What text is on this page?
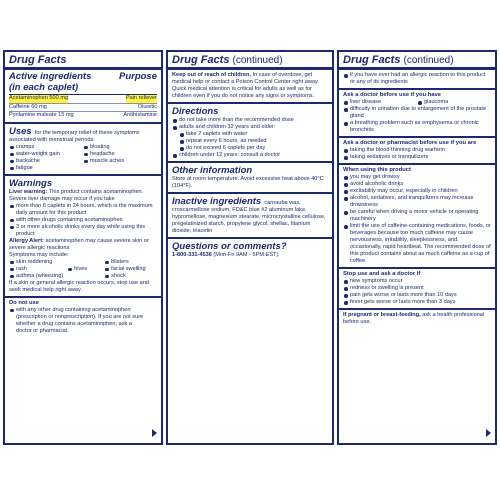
Drug Facts
Active ingredients	Purpose
(in each caplet)
Acetaminophen 500 mg	Pain reliever
Caffeine 60 mg	Diuretic
Pyrilamine maleate 15 mg	Antihistamine

Uses for the temporary relief of these symptoms associated with menstrual periods:

cramps	bloating
water-weight gain	headache
backache	muscle aches
fatigue
Warnings

Liver warning: This product contains acetaminophen. Severe liver damage may occur if you take

more than 6 caplets in 24 hours, which is the maximum daily amount for this product
with other drugs containing acetaminophen
3 or more alcoholic drinks every day while using this product

Allergy Alert: acetaminophen may cause severe skin or severe allergic reactions

Symptoms may include:

skin reddening	blisters
rash	hives	facial swelling
asthma (wheezing)	shock

If a skin or general allergic reaction occurs, stop use and seek medical help right away.

Do not use
with any other drug containing acetaminophen (prescription or nonprescription). If you are not sure whether a drug contains acetaminophen, ask a doctor or pharmacist.
Drug Facts (continued)

Keep out of reach of children. In case of overdose, get medical help or contact a Poison Control Center right away. Quick medical attention is critical for adults as well as for children even if you do not notice any signs or symptoms.

Directions
do not take more than the recommended dose
adults and children 12 years and older:
take 2 caplets with water
repeat every 6 hours, as needed
do not exceed 6 caplets per day
children under 12 years: consult a doctor
Other information

Store at room temperature. Avoid excessive heat above 40°C (104°F).

Inactive ingredients carnauba wax, croscarmellose sodium, FD&C blue #2 aluminum lake, hypromellose, magnesium stearate, microcrystalline cellulose, pregelatinized starch, propylene glycol, shellac, titanium dioxide, triacetin

Questions or comments?

1-800-331-4536 (Mon-Fri 9AM - 5PM EST)

Drug Facts (continued)
if you have ever had an allergic reaction to this product or any of its ingredients
Ask a doctor before use if you have
liver disease	glaucoma
difficulty in urination due to enlargement of the prostate gland
a breathing problem such as emphysema or chronic bronchitis
Ask a doctor or pharmacist before use if you are
taking the blood thinning drug warfarin
taking sedatives or tranquilizers
When using this product
you may get drowsy
avoid alcoholic drinks
excitability may occur, especially in children
alcohol, sedatives, and tranquilizers may increase drowsiness
be careful when driving a motor vehicle or operating machinery
limit the use of caffeine-containing medications, foods, or beverages because too much caffeine may cause nervousness, irritability, sleeplessness, and, occasionally, rapid heartbeat. The recommended dose of this product contains about as much caffeine as a cup of coffee.
Stop use and ask a doctor if
new symptoms occur
redness or swelling is present
pain gets worse or lasts more than 10 days
fever gets worse or lasts more than 3 days

If pregnant or breast-feeding, ask a health professional before use.
